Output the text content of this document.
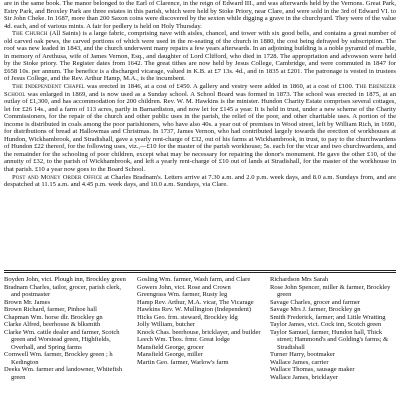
are in the same book. The manor belonged to the Earl of Clarence, in the reign of Edward III., and was afterwards held by the Vernons. Great Park, Estry Park, and Broxley Park are three estates in this parish, which were held by Stoke Priory, near Clare, and were sold in the 3rd of Edward VI. to Sir John Cheke. In 1687, more than 200 Saxon coins were discovered by the sexton while digging a grave in the churchyard. They were of the value 4d. each, and of various mints. A fair for pedlery is held on Holy Thursday.

The Church (All Saints) is a large fabric, comprising nave with aisles, chancel, and tower with six good bells, and contains a great number of old carved oak pews, the carved portions of which were used in the re-seating of the church in 1880, the cost being defrayed by subscription. The roof was new leaded in 1843, and the church underwent many repairs a few years afterwards. In an adjoining building is a noble pyramid of marble, in memory of Arethusa, wife of James Vernon, Esq., and daughter of Lord Clifford, who died in 1728. The appropriation and advowson were held by the Stoke priory. The Register dates from 1642. The great tithes are now held by Jesus College, Cambridge, and were commuted in 1847 for £658 10s. per annum. The benefice is a discharged vicarage, valued in K.B. at £7 13s. 4d., and in 1835 at £201. The patronage is vested in trustees of Jesus College, and the Rev. Arthur Hamp, M.A., is the incumbent.

The Independent Chapel was erected in 1846, at a cost of £450. A gallery and vestry were added in 1860, at a cost of £100. The Ebenezer School was enlarged in 1869, and is now used as a Sunday school. A School Board was formed in 1873. The school was erected in 1875, at an outlay of £1,300, and has accommodation for 200 children. Rev. W. M. Hawkins is the minister. Hundon Charity Estate comprises several cottages, let for £26 14s., and a farm of 113 acres, partly in Barnardiston, and now let for £145 a year. It is held in trust, under a new scheme of the Charity Commissioners, for the repair of the church and other public uses in the parish, the relief of the poor, and other charitable uses. A portion of the income is distributed in coals among the poor parishioners, who have also 40s. a year out of premises in Wood street, left by William Rich, in 1690, for distributions of bread at Hallowmas and Christmas. In 1737, James Vernon, who had contributed largely towards the erection of workhouses at Hundon, Wickhambrook, and Stradishall, gave a yearly rent-charge of £32, out of his farms at Wickhambrook, in trust, to pay to the churchwardens of Hundon £22 thereof, for the following uses, viz.,—£10 for the master of the parish workhouse; 5s. each for the vicar and two churchwardens, and the remainder for the schooling of poor children, except what may be necessary for repairing the donor's monument. He gave the other £10, of the annuity of £32, to the parish of Wickhambrook, and left a yearly rent-charge of £10 out of lands at Stradishall, for the master of the workhouse in that parish. £10 a year now goes to the Board School.

Post and Money Order Office at Charles Bradnam's. Letters arrive at 7.30 a.m. and 2.0 p.m. week days, and 8.0 a.m. Sundays from, and are despatched at 11.15 a.m. and 4.45 p.m. week days, and 10.0 a.m. Sundays, via Clare.

Boyden John, vict. Plough inn, Brockley green

Bradnam Charles, tailor, grocer, parish clerk, and postmaster

Brown Mr. James

Brown Richard, farmer, Pinhoe hall

Chapman Wm. horse dlr. Brockley gn

Clarke Alfred, beerhouse & blksmith

Clarke Wm. cattle dealer and farmer, Scotch green and Worstead green, Highfields, Overhall, and Spring farms

Cornwell Wm. farmer, Brockley green ; h Kedington

Deeks Wm. farmer and landowner, Whitefish green

Gosling Wm. farmer, Wash farm, and Clare

Gowers John, vict. Rose and Crown

Greengrass Wm. farmer, Rusty leg

Hamp Rev. Arthur, M.A. vicar, The Vicarage

Hawkins Rev. W. Mullington (Independent)

Hicks Geo. frm. steward, Brockley ldg

Jolly William, butcher

Knock Chas. beerhouse, bricklayer, and builder

Leech Wm. Thos. frmr. Great lodge

Mansfield George, grocer

Mansfield George, miller

Martin Geo. farmer, Warlow's farm

Richardson Mrs Sarah

Rose John Spencer, miller & farmer, Brockley green

Savage Charles, grocer and farmer

Savage Mrs J. farmer, Brockley gn

Smith Frederick, farmer; and Little Wratting

Taylor James, vict. Cock inn, Scotch green

Taylor Samuel, farmer, Hundon hall, Thick street; Hammond's and Golding's farms; & Stradishall

Turner Harry, bootmaker

Wallace James, carrier

Wallace Thomas, sausage maker

Wallace James, bricklayer
